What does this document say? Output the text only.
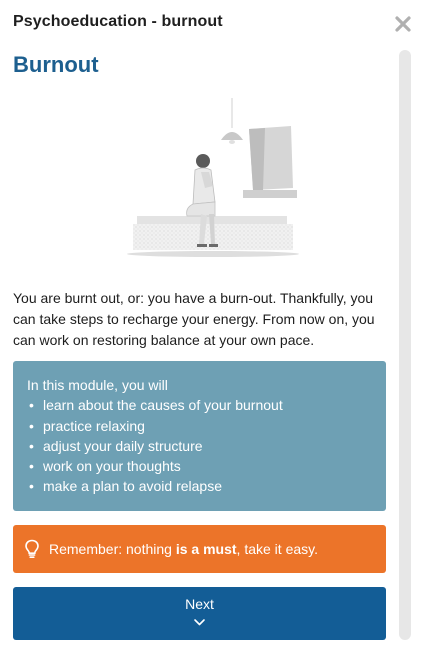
Psychoeducation - burnout
Burnout

You are burnt out, or: you have a burn-out. Thankfully, you can take steps to recharge your energy. From now on, you can work on restoring balance at your own pace.

In this module, you will
• learn about the causes of your burnout
• practice relaxing
• adjust your daily structure
• work on your thoughts
• make a plan to avoid relapse
Remember: nothing is a must, take it easy.
Next
